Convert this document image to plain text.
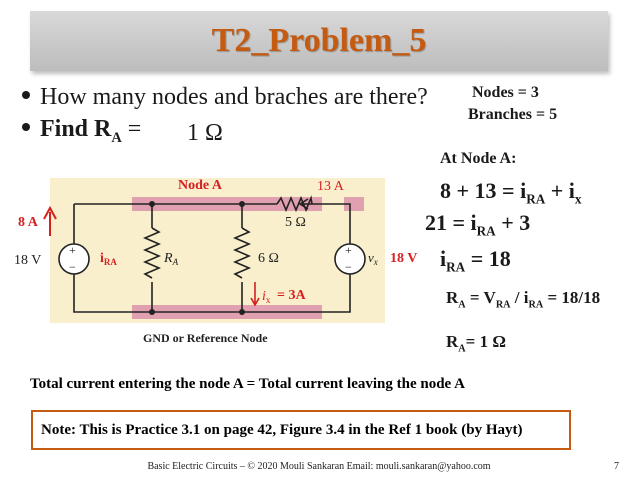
T2_Problem_5
How many nodes and braches are there?
Find $R_A = 1$ Ω
Nodes = 3
Branches = 5
At Node A:
$8 + 13 = i_{RA} + i_x$
$21 = i_{RA} + 3$
$i_{RA} = 18$
$R_A = V_{RA} / i_{RA} = 18/18$
$R_A= 1$ Ω
Node A	13 A
5 Ω
8 A
18 V
+
−
+
−
$i_{RA}$	$R_A$	6 Ω
$i_x = 3A$
$v_x$ 18 V
GND or Reference Node
Total current entering the node A = Total current leaving the node A
Note: This is Practice 3.1 on page 42, Figure 3.4 in the Ref 1 book (by Hayt)
Basic Electric Circuits – © 2020 Mouli Sankaran Email: mouli.sankaran@yahoo.com	7
